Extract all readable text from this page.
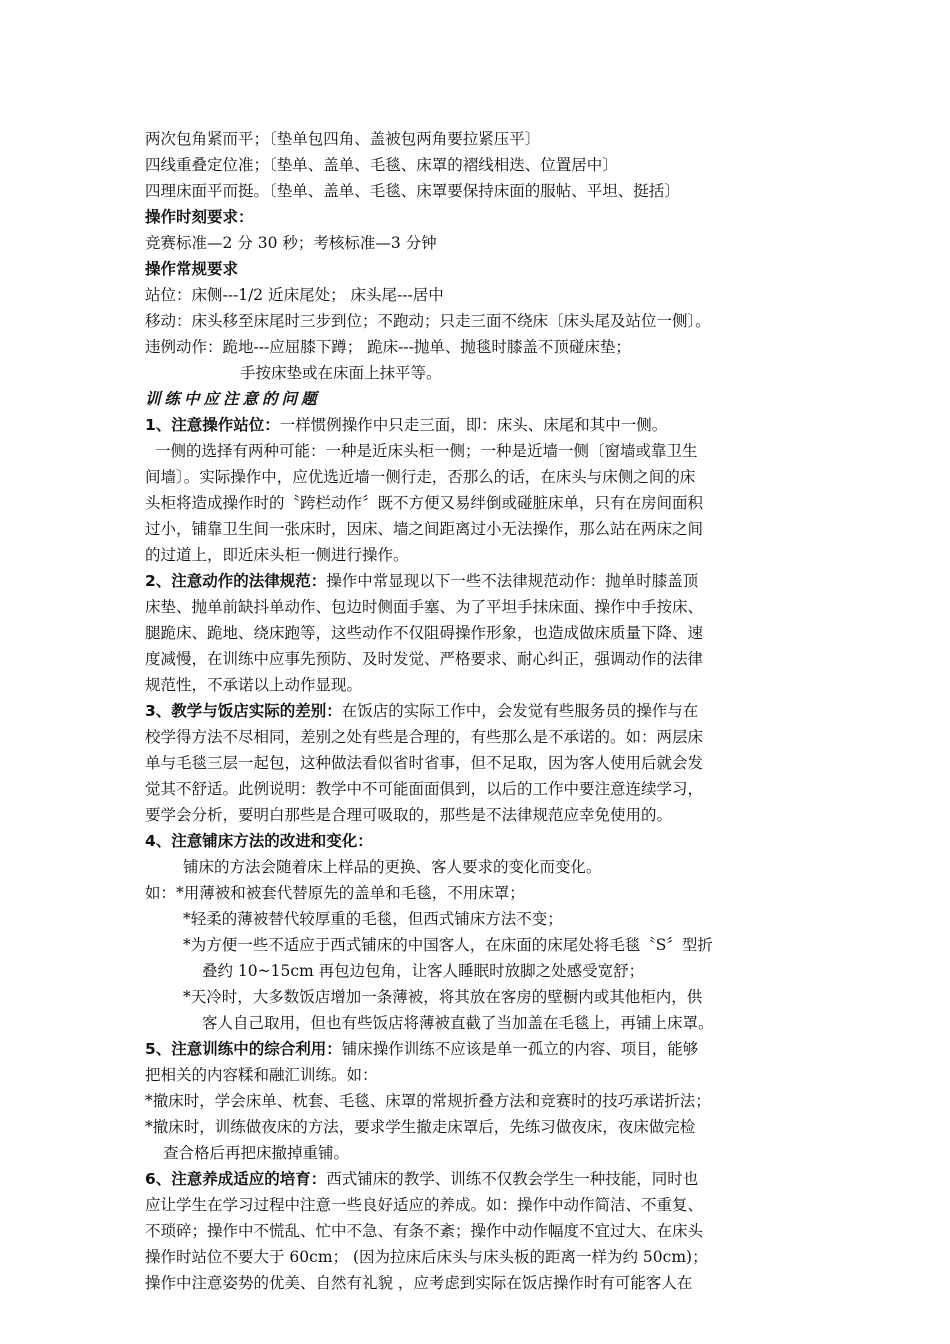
两次包角紧而平；〔垫单包四角、盖被包两角要拉紧压平〕
四线重叠定位准；〔垫单、盖单、毛毯、床罩的褶线相迭、位置居中〕
四理床面平而挺。〔垫单、盖单、毛毯、床罩要保持床面的服帖、平坦、挺括〕
操作时刻要求：
竞赛标准—2 分 30 秒；考核标准—3 分钟
操作常规要求
站位：床侧---1/2 近床尾处； 床头尾---居中
移动：床头移至床尾时三步到位；不跑动；只走三面不绕床〔床头尾及站位一侧〕。
违例动作：跪地---应屈膝下蹲； 跪床---抛单、抛毯时膝盖不顶碰床垫；
手按床垫或在床面上抹平等。
训练中应注意的问题
1、注意操作站位：一样惯例操作中只走三面，即：床头、床尾和其中一侧。
一侧的选择有两种可能：一种是近床头柜一侧；一种是近墙一侧〔窗墙或靠卫生
间墙〕。实际操作中，应优选近墙一侧行走，否那么的话，在床头与床侧之间的床
头柜将造成操作时的〝跨栏动作〞既不方便又易绊倒或碰脏床单，只有在房间面积
过小，铺靠卫生间一张床时，因床、墙之间距离过小无法操作，那么站在两床之间
的过道上，即近床头柜一侧进行操作。
2、注意动作的法律规范：操作中常显现以下一些不法律规范动作：抛单时膝盖顶
床垫、抛单前缺抖单动作、包边时侧面手塞、为了平坦手抹床面、操作中手按床、
腿跪床、跪地、绕床跑等，这些动作不仅阻碍操作形象，也造成做床质量下降、速
度减慢，在训练中应事先预防、及时发觉、严格要求、耐心纠正，强调动作的法律
规范性，不承诺以上动作显现。
3、教学与饭店实际的差别：在饭店的实际工作中，会发觉有些服务员的操作与在
校学得方法不尽相同，差别之处有些是合理的，有些那么是不承诺的。如：两层床
单与毛毯三层一起包，这种做法看似省时省事，但不足取，因为客人使用后就会发
觉其不舒适。此例说明：教学中不可能面面俱到，以后的工作中要注意连续学习，
要学会分析，要明白那些是合理可吸取的，那些是不法律规范应幸免使用的。
4、注意铺床方法的改进和变化：
铺床的方法会随着床上样品的更换、客人要求的变化而变化。
如：*用薄被和被套代替原先的盖单和毛毯，不用床罩；
*轻柔的薄被替代较厚重的毛毯，但西式铺床方法不变；
*为方便一些不适应于西式铺床的中国客人，在床面的床尾处将毛毯〝S〞型折
叠约 10~15cm 再包边包角，让客人睡眠时放脚之处感受宽舒；
*天冷时，大多数饭店增加一条薄被，将其放在客房的壁橱内或其他柜内，供
客人自己取用，但也有些饭店将薄被直截了当加盖在毛毯上，再铺上床罩。
5、注意训练中的综合利用：铺床操作训练不应该是单一孤立的内容、项目，能够
把相关的内容糅和融汇训练。如：
*撤床时，学会床单、枕套、毛毯、床罩的常规折叠方法和竞赛时的技巧承诺折法；
*撤床时，训练做夜床的方法，要求学生撤走床罩后，先练习做夜床，夜床做完检
查合格后再把床撤掉重铺。
6、注意养成适应的培育：西式铺床的教学、训练不仅教会学生一种技能，同时也
应让学生在学习过程中注意一些良好适应的养成。如：操作中动作简洁、不重复、
不琐碎；操作中不慌乱、忙中不急、有条不紊；操作中动作幅度不宜过大、在床头
操作时站位不要大于 60cm； (因为拉床后床头与床头板的距离一样为约 50cm)；
操作中注意姿势的优美、自然有礼貌 ，应考虑到实际在饭店操作时有可能客人在
